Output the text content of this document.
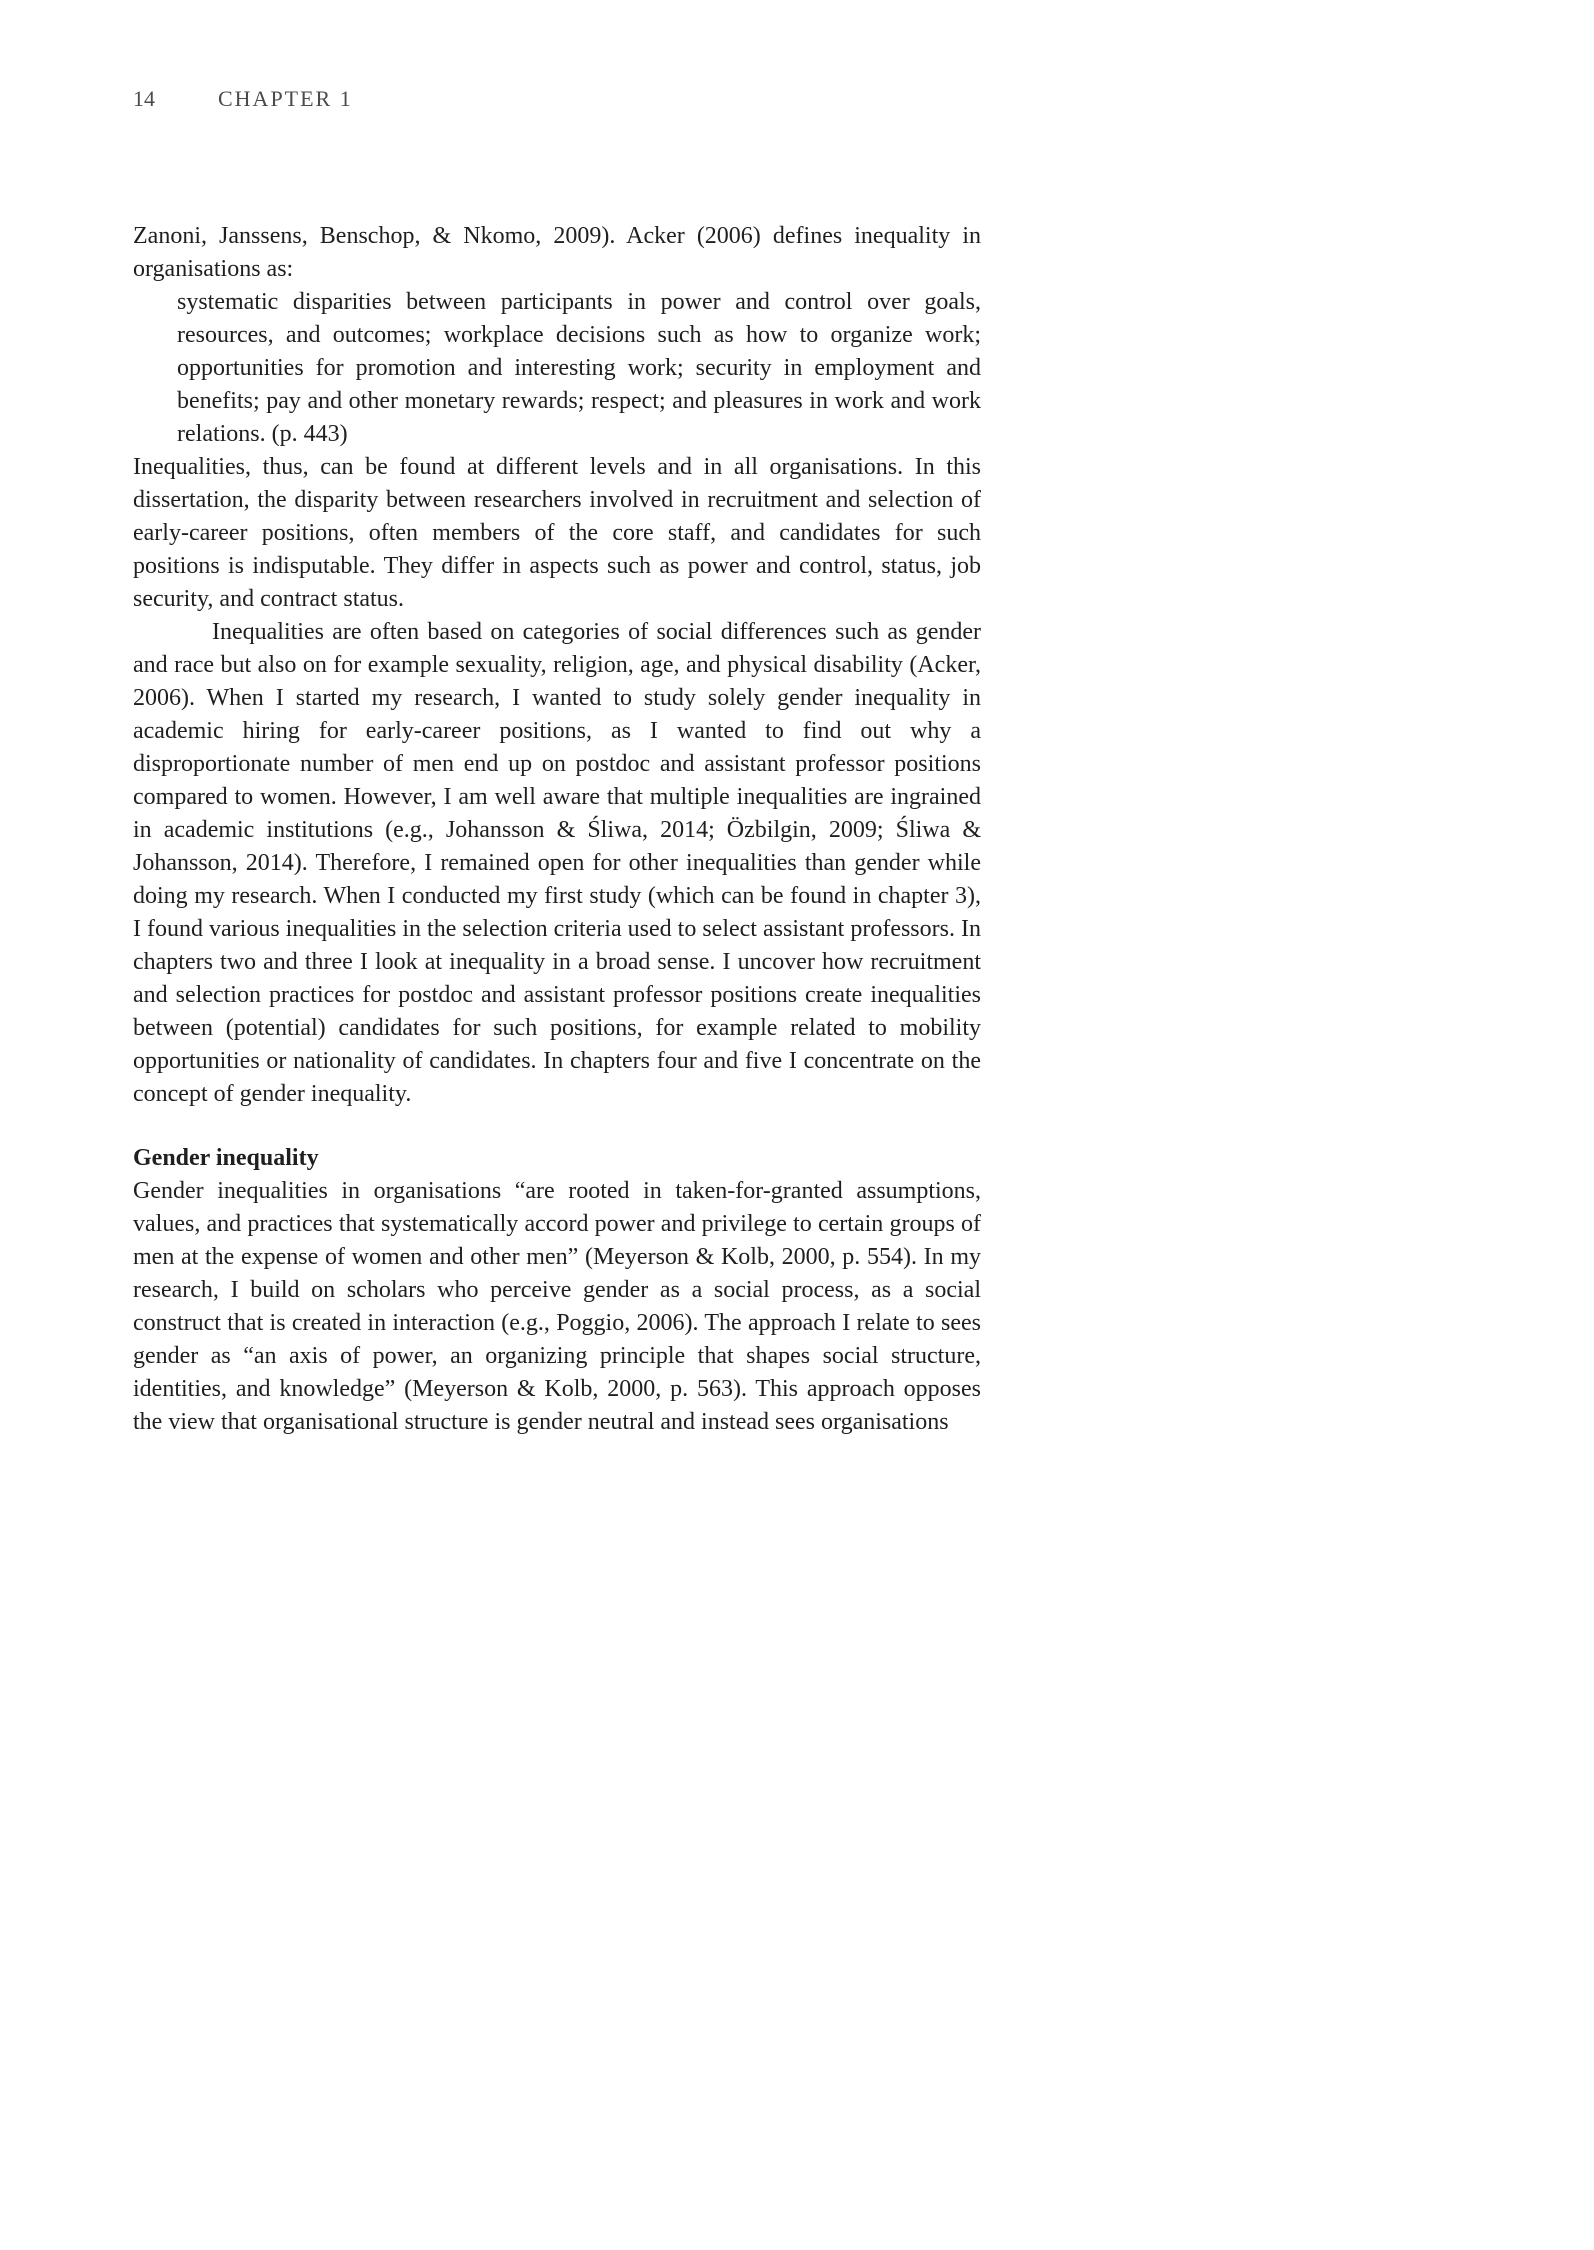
14	CHAPTER 1

Zanoni, Janssens, Benschop, & Nkomo, 2009). Acker (2006) defines inequality in organisations as:

systematic disparities between participants in power and control over goals, resources, and outcomes; workplace decisions such as how to organize work; opportunities for promotion and interesting work; security in employment and benefits; pay and other monetary rewards; respect; and pleasures in work and work relations. (p. 443)

Inequalities, thus, can be found at different levels and in all organisations. In this dissertation, the disparity between researchers involved in recruitment and selection of early-career positions, often members of the core staff, and candidates for such positions is indisputable. They differ in aspects such as power and control, status, job security, and contract status.

Inequalities are often based on categories of social differences such as gender and race but also on for example sexuality, religion, age, and physical disability (Acker, 2006). When I started my research, I wanted to study solely gender inequality in academic hiring for early-career positions, as I wanted to find out why a disproportionate number of men end up on postdoc and assistant professor positions compared to women. However, I am well aware that multiple inequalities are ingrained in academic institutions (e.g., Johansson & Śliwa, 2014; Özbilgin, 2009; Śliwa & Johansson, 2014). Therefore, I remained open for other inequalities than gender while doing my research. When I conducted my first study (which can be found in chapter 3), I found various inequalities in the selection criteria used to select assistant professors. In chapters two and three I look at inequality in a broad sense. I uncover how recruitment and selection practices for postdoc and assistant professor positions create inequalities between (potential) candidates for such positions, for example related to mobility opportunities or nationality of candidates. In chapters four and five I concentrate on the concept of gender inequality.

Gender inequality

Gender inequalities in organisations “are rooted in taken-for-granted assumptions, values, and practices that systematically accord power and privilege to certain groups of men at the expense of women and other men” (Meyerson & Kolb, 2000, p. 554). In my research, I build on scholars who perceive gender as a social process, as a social construct that is created in interaction (e.g., Poggio, 2006). The approach I relate to sees gender as “an axis of power, an organizing principle that shapes social structure, identities, and knowledge” (Meyerson & Kolb, 2000, p. 563). This approach opposes the view that organisational structure is gender neutral and instead sees organisations
